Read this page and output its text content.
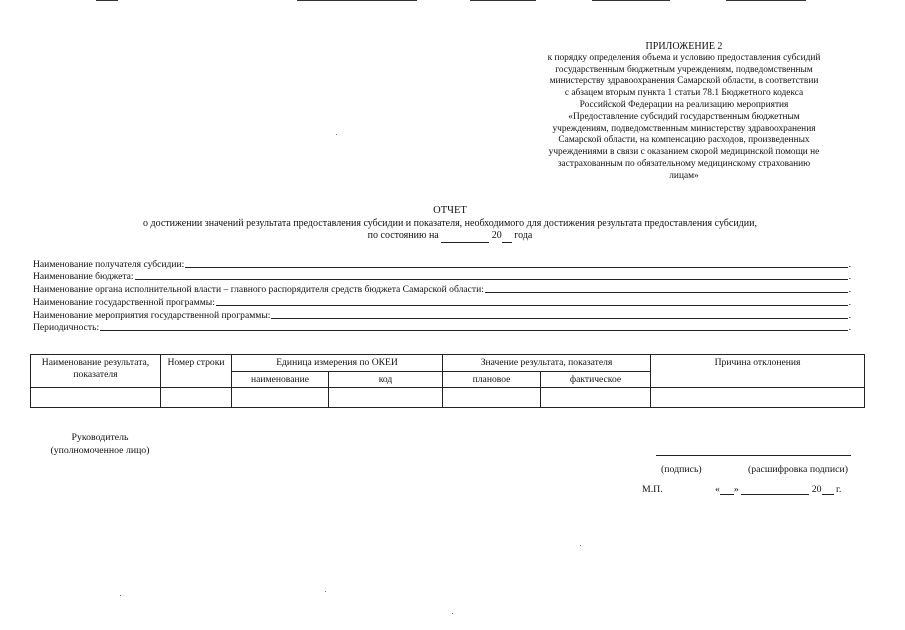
ПРИЛОЖЕНИЕ 2
к порядку определения объема и условию предоставления субсидий
государственным бюджетным учреждениям, подведомственным
министерству здравоохранения Самарской области, в соответствии
с абзацем вторым пункта 1 статьи 78.1 Бюджетного кодекса
Российской Федерации на реализацию мероприятия
«Предоставление субсидий государственным бюджетным
учреждениям, подведомственным министерству здравоохранения
Самарской области, на компенсацию расходов, произведенных
учреждениями в связи с оказанием скорой медицинской помощи не
застрахованным по обязательному медицинскому страхованию
лицам»
ОТЧЕТ
о достижении значений результата предоставления субсидии и показателя, необходимого для достижения результата предоставления субсидии,
по состоянию на	20 года
Наименование получателя субсидии:	.
Наименование бюджета:	.
Наименование органа исполнительной власти – главного распорядителя средств бюджета Самарской области:	.
Наименование государственной программы:	.
Наименование мероприятия государственной программы:	.
Периодичность:	.
Наименование результата, показателя	Номер строки	Единица измерения по ОКЕИ		Значение результата, показателя		Причина отклонения
		наименование	код	плановое	фактическое	

Руководитель
(уполномоченное лицо)
(подпись)	(расшифровка подписи)
М.П.	« »	20 г.
